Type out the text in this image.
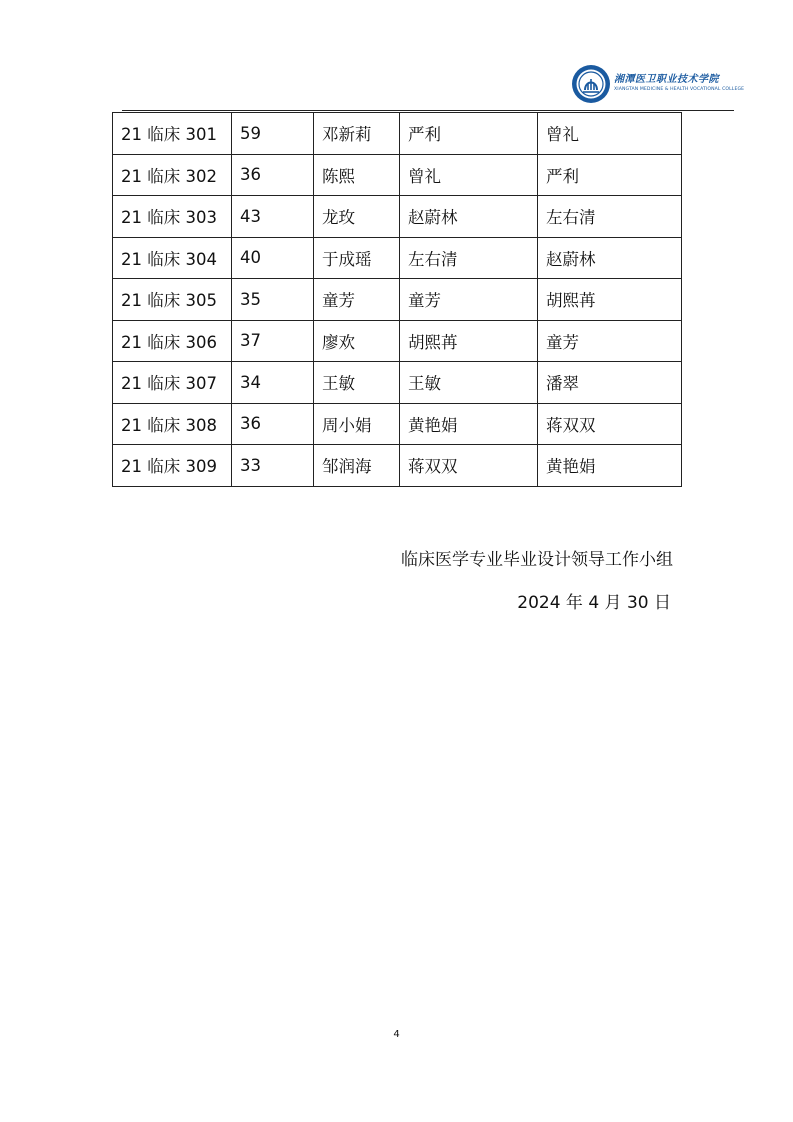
湘潭医卫职业技术学院
XIANGTAN MEDICINE & HEALTH VOCATIONAL COLLEGE
21 临床 301	59	邓新莉	严利	曾礼
21 临床 302	36	陈熙	曾礼	严利
21 临床 303	43	龙玫	赵蔚林	左右清
21 临床 304	40	于成瑶	左右清	赵蔚林
21 临床 305	35	童芳	童芳	胡熙苒
21 临床 306	37	廖欢	胡熙苒	童芳
21 临床 307	34	王敏	王敏	潘翠
21 临床 308	36	周小娟	黄艳娟	蒋双双
21 临床 309	33	邹润海	蒋双双	黄艳娟
临床医学专业毕业设计领导工作小组
2024 年 4 月 30 日
4
